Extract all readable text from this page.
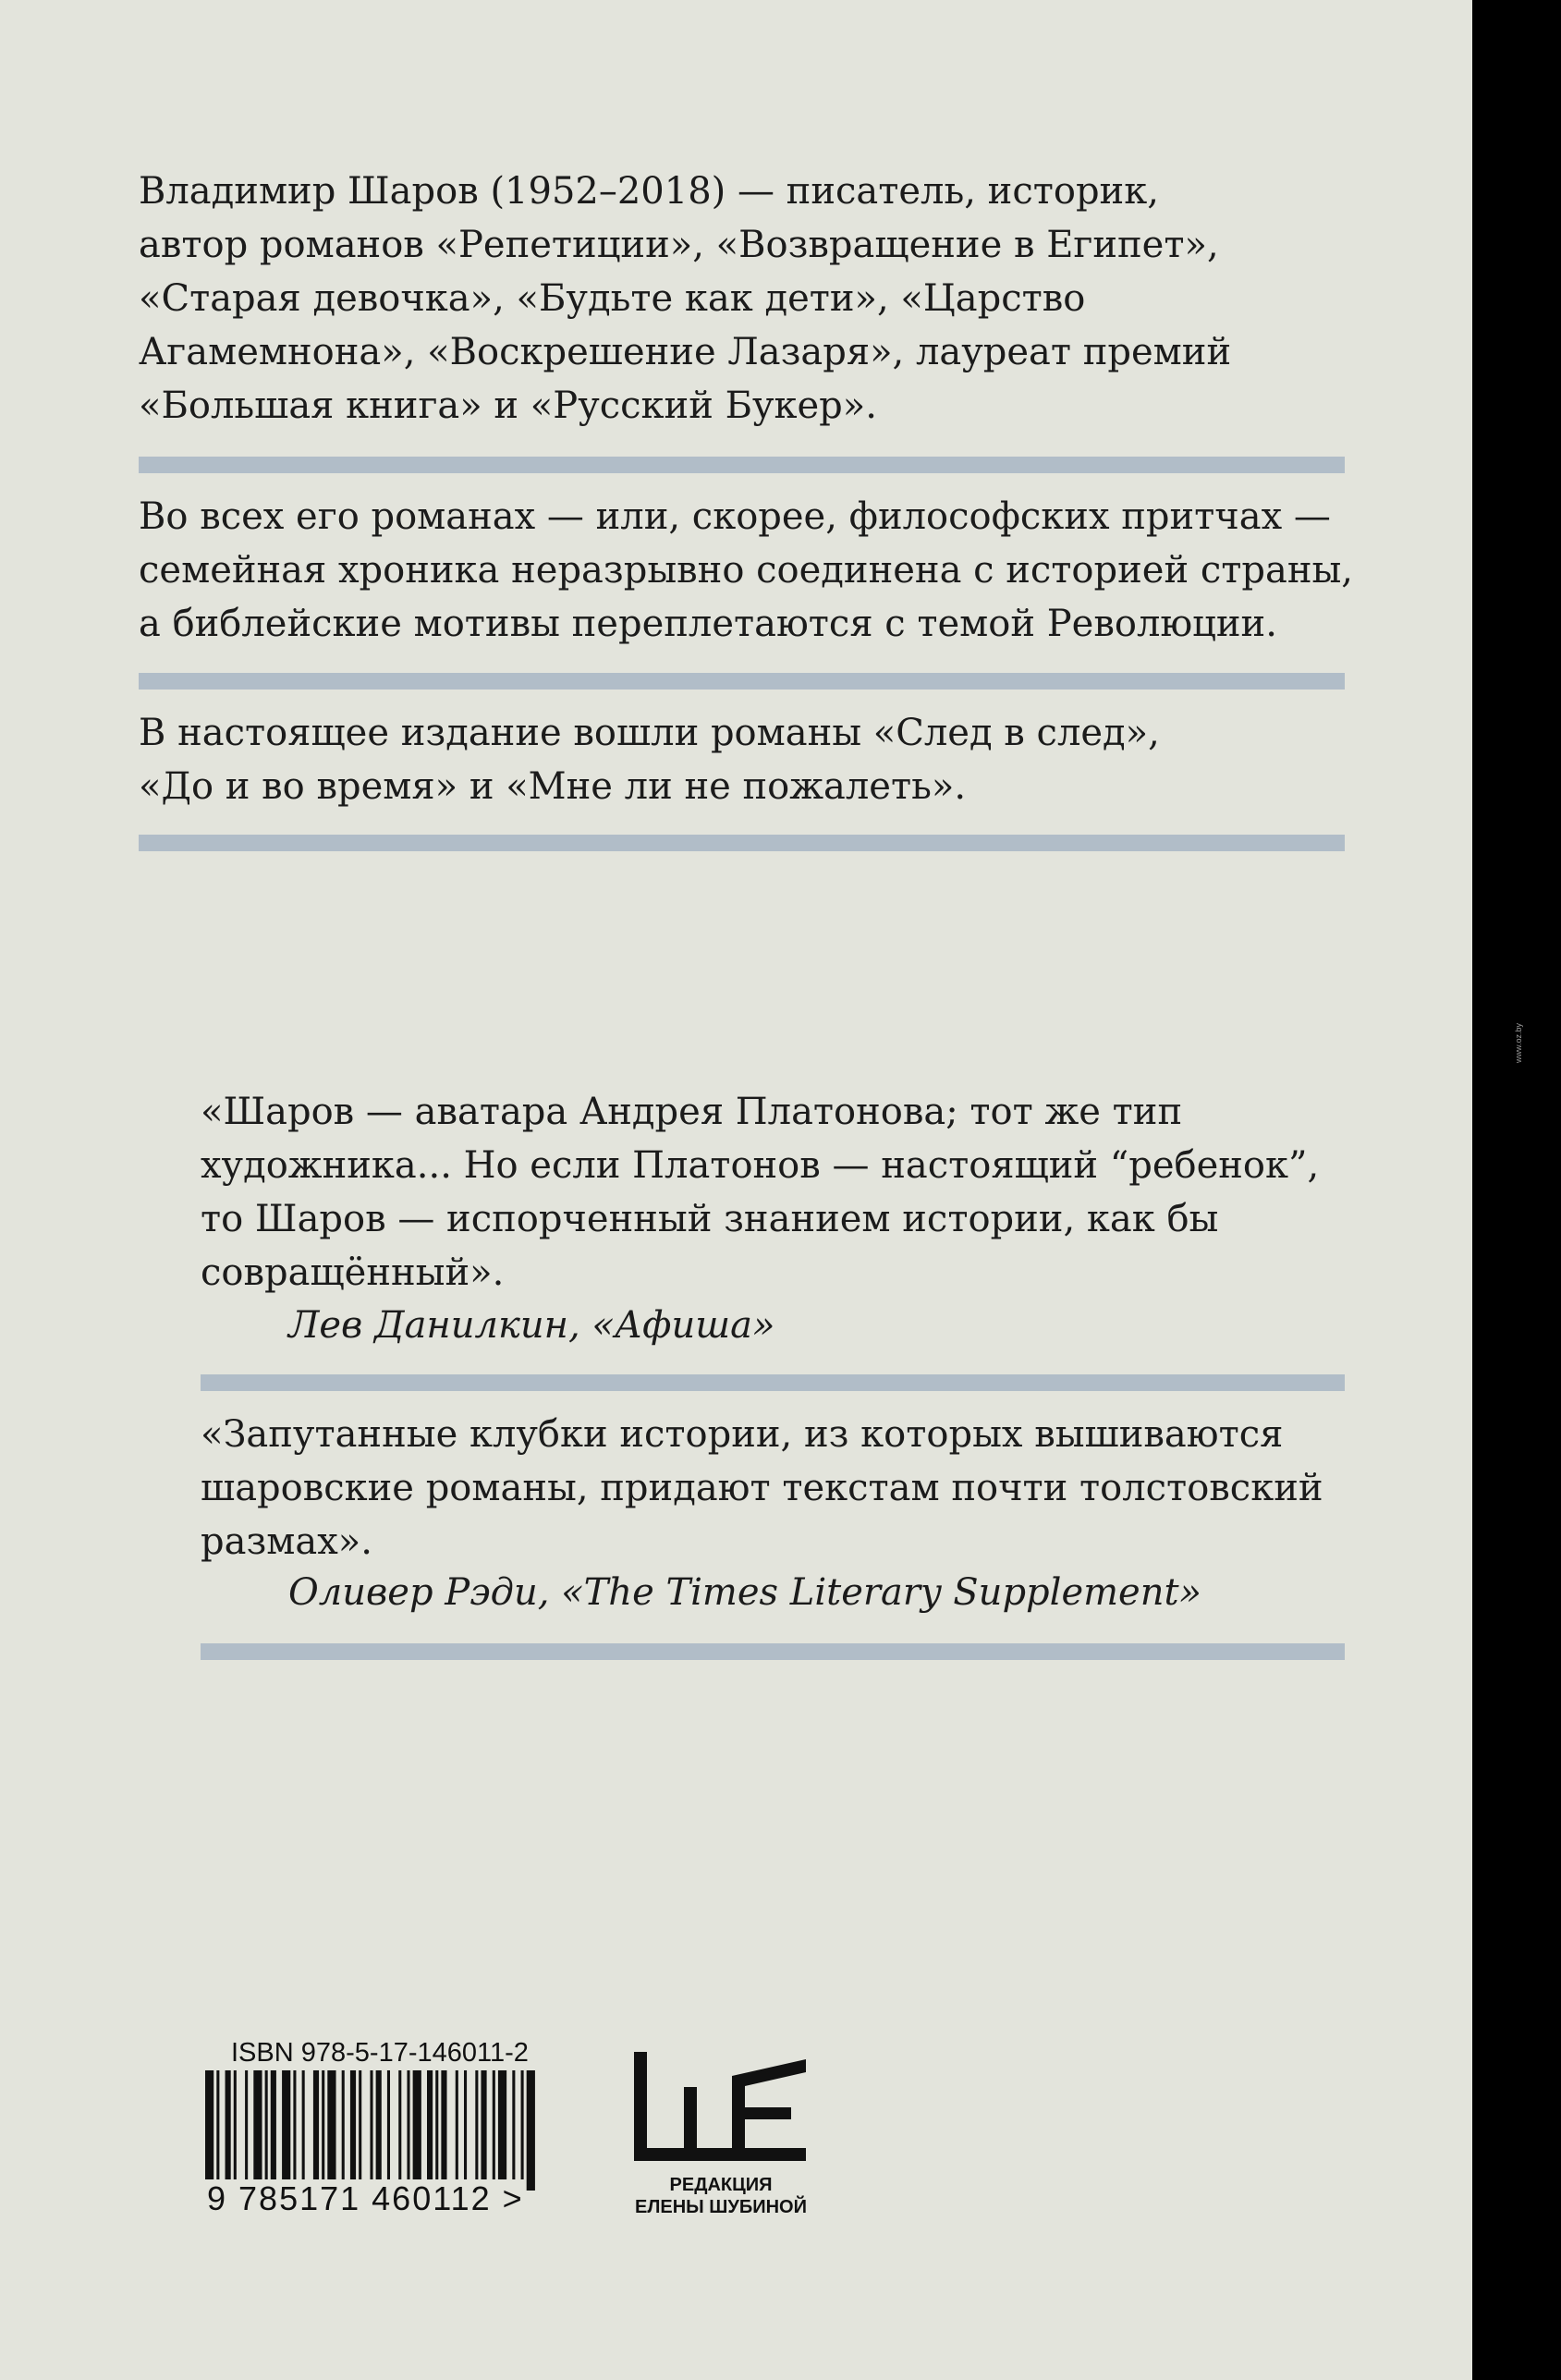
Владимир Шаров (1952–2018) — писатель, историк,
автор романов «Репетиции», «Возвращение в Египет»,
«Старая девочка», «Будьте как дети», «Царство
Агамемнона», «Воскрешение Лазаря», лауреат премий
«Большая книга» и «Русский Букер».

Во всех его романах — или, скорее, философских притчах —
семейная хроника неразрывно соединена с историей страны,
а библейские мотивы переплетаются с темой Революции.

В настоящее издание вошли романы «След в след»,
«До и во время» и «Мне ли не пожалеть».

«Шаров — аватара Андрея Платонова; тот же тип
художника... Но если Платонов — настоящий “ребенок”,
то Шаров — испорченный знанием истории, как бы
совращённый».

Лев Данилкин, «Афиша»

«Запутанные клубки истории, из которых вышиваются
шаровские романы, придают текстам почти толстовский
размах».

Оливер Рэди, «The Times Literary Supplement»

ISBN 978-5-17-146011-2
9 785171 460112 >	РЕДАКЦИЯ
ЕЛЕНЫ ШУБИНОЙ
www.oz.by
